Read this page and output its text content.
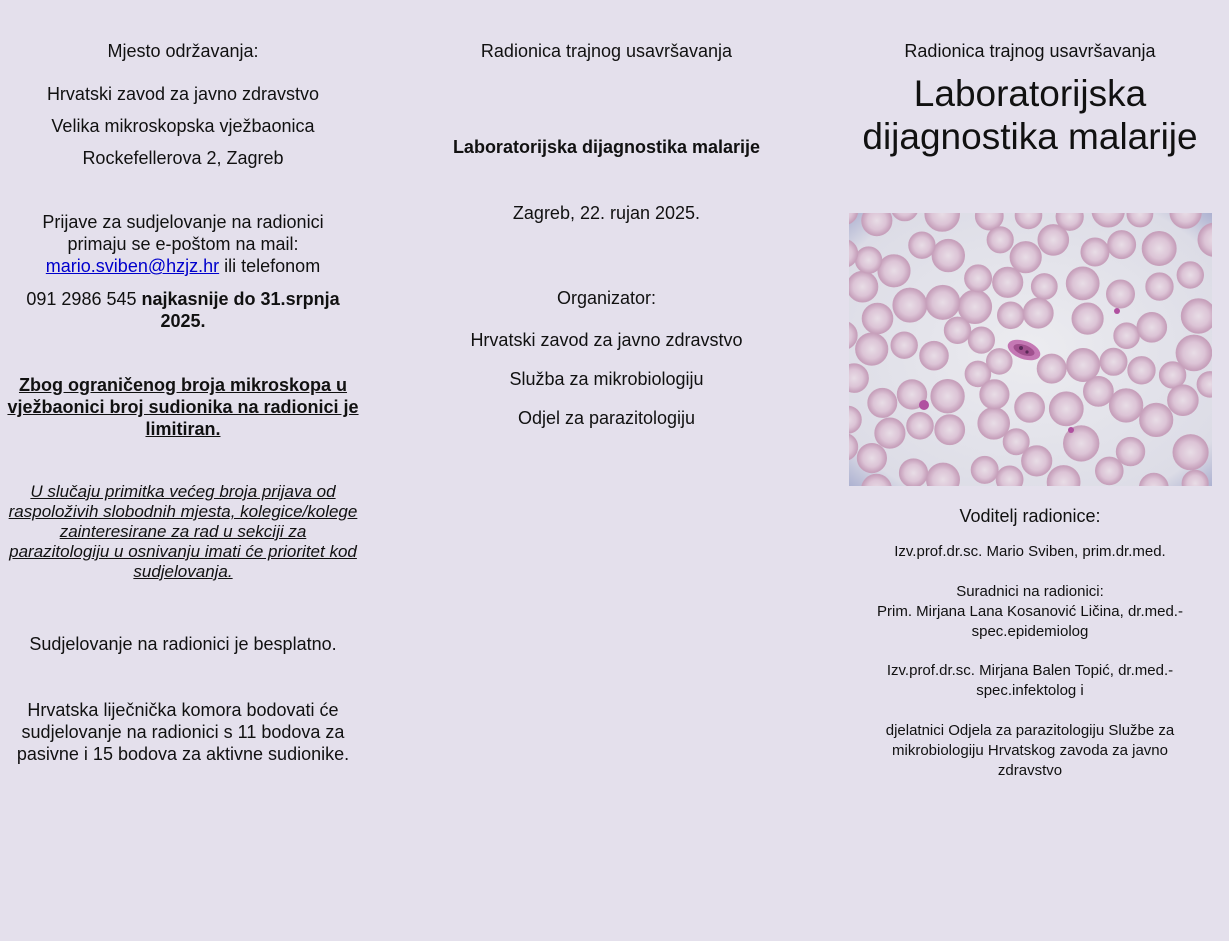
Mjesto održavanja:

Hrvatski zavod za javno zdravstvo

Velika mikroskopska vježbaonica

Rockefellerova 2, Zagreb

Prijave za sudjelovanje na radionici

primaju se e-poštom na mail:

mario.sviben@hzjz.hr ili telefonom

091 2986 545 najkasnije do 31.srpnja 2025.

Zbog ograničenog broja mikroskopa u vježbaonici broj sudionika na radionici je limitiran.

U slučaju primitka većeg broja prijava od raspoloživih slobodnih mjesta, kolegice/kolege zainteresirane za rad u sekciji za parazitologiju u osnivanju imati će prioritet kod sudjelovanja.

Sudjelovanje na radionici je besplatno.

Hrvatska liječnička komora bodovati će sudjelovanje na radionici s 11 bodova za pasivne i 15 bodova za aktivne sudionike.

Radionica trajnog usavršavanja

Laboratorijska dijagnostika malarije

Zagreb, 22. rujan 2025.

Organizator:

Hrvatski zavod za javno zdravstvo

Služba za mikrobiologiju

Odjel za parazitologiju

Radionica trajnog usavršavanja

Laboratorijska

dijagnostika malarije

Voditelj radionice:

Izv.prof.dr.sc. Mario Sviben, prim.dr.med.

Suradnici na radionici:

Prim. Mirjana Lana Kosanović Ličina, dr.med.-spec.epidemiolog

Izv.prof.dr.sc. Mirjana Balen Topić, dr.med.-spec.infektolog i

djelatnici Odjela za parazitologiju Službe za mikrobiologiju Hrvatskog zavoda za javno zdravstvo
